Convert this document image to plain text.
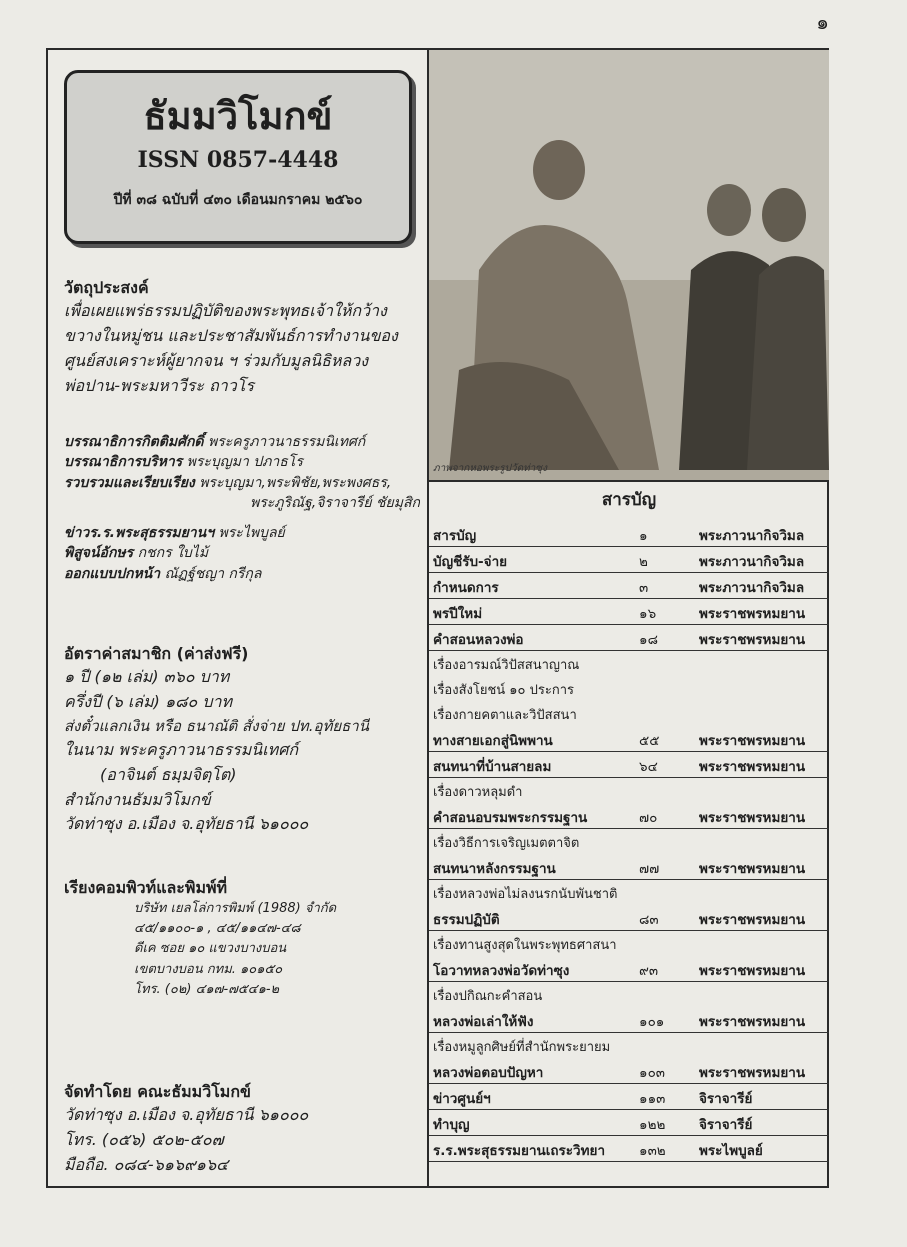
๑
ธัมมวิโมกข์
ISSN 0857-4448
ปีที่ ๓๘ ฉบับที่ ๔๓๐ เดือนมกราคม ๒๕๖๐
วัตถุประสงค์
เพื่อเผยแพร่ธรรมปฏิบัติของพระพุทธเจ้าให้กว้าง
ขวางในหมู่ชน และประชาสัมพันธ์การทำงานของ
ศูนย์สงเคราะห์ผู้ยากจน ฯ ร่วมกับมูลนิธิหลวง
พ่อปาน-พระมหาวีระ ถาวโร
บรรณาธิการกิตติมศักดิ์ พระครูภาวนาธรรมนิเทศก์
บรรณาธิการบริหาร พระบุญมา ปภาธโร
รวบรวมและเรียบเรียง พระบุญมา,พระพิชัย,พระพงศธร,
พระภูริณัฐ,จิราจารีย์ ชัยมุสิก
ข่าวร.ร.พระสุธรรมยานฯ พระไพบูลย์
พิสูจน์อักษร กชกร ใบไม้
ออกแบบปกหน้า ณัฏฐ์ชญา กรีกุล
อัตราค่าสมาชิก (ค่าส่งฟรี)
๑ ปี (๑๒ เล่ม) ๓๖๐ บาท
ครึ่งปี (๖ เล่ม) ๑๘๐ บาท
ส่งตั๋วแลกเงิน หรือ ธนาณัติ สั่งจ่าย ปท.อุทัยธานี
ในนาม พระครูภาวนาธรรมนิเทศก์
(อาจินต์ ธมฺมจิตฺโต)
สำนักงานธัมมวิโมกข์
วัดท่าซุง อ.เมือง จ.อุทัยธานี ๖๑๐๐๐
เรียงคอมพิวท์และพิมพ์ที่
บริษัท เยลโล่การพิมพ์ (1988) จำกัด
๔๕/๑๑๐๐-๑ , ๔๕/๑๑๔๗-๔๘
ดีเค ซอย ๑๐ แขวงบางบอน
เขตบางบอน กทม. ๑๐๑๕๐
โทร. (๐๒) ๔๑๗-๗๕๔๑-๒
จัดทำโดย คณะธัมมวิโมกข์
วัดท่าซุง อ.เมือง จ.อุทัยธานี ๖๑๐๐๐
โทร. (๐๕๖) ๕๐๒-๕๐๗
มือถือ. ๐๘๔-๖๑๖๙๑๖๔
ภาพจากหอพระรูปวัดท่าซุง
สารบัญ
สารบัญ	๑	พระภาวนากิจวิมล
บัญชีรับ-จ่าย	๒	พระภาวนากิจวิมล
กำหนดการ	๓	พระภาวนากิจวิมล
พรปีใหม่	๑๖	พระราชพรหมยาน
คำสอนหลวงพ่อ	๑๘	พระราชพรหมยาน
เรื่องอารมณ์วิปัสสนาญาณ
เรื่องสังโยชน์ ๑๐ ประการ
เรื่องกายคตาและวิปัสสนา
ทางสายเอกสู่นิพพาน	๕๕	พระราชพรหมยาน
สนทนาที่บ้านสายลม	๖๔	พระราชพรหมยาน
เรื่องดาวหลุมดำ
คำสอนอบรมพระกรรมฐาน	๗๐	พระราชพรหมยาน
เรื่องวิธีการเจริญเมตตาจิต
สนทนาหลังกรรมฐาน	๗๗	พระราชพรหมยาน
เรื่องหลวงพ่อไม่ลงนรกนับพันชาติ
ธรรมปฏิบัติ	๘๓	พระราชพรหมยาน
เรื่องทานสูงสุดในพระพุทธศาสนา
โอวาทหลวงพ่อวัดท่าซุง	๙๓	พระราชพรหมยาน
เรื่องปกิณกะคำสอน
หลวงพ่อเล่าให้ฟัง	๑๐๑	พระราชพรหมยาน
เรื่องหมูลูกศิษย์ที่สำนักพระยายม
หลวงพ่อตอบปัญหา	๑๐๓	พระราชพรหมยาน
ข่าวศูนย์ฯ	๑๑๓	จิราจารีย์
ทำบุญ	๑๒๒	จิราจารีย์
ร.ร.พระสุธรรมยานเถระวิทยา	๑๓๒	พระไพบูลย์
